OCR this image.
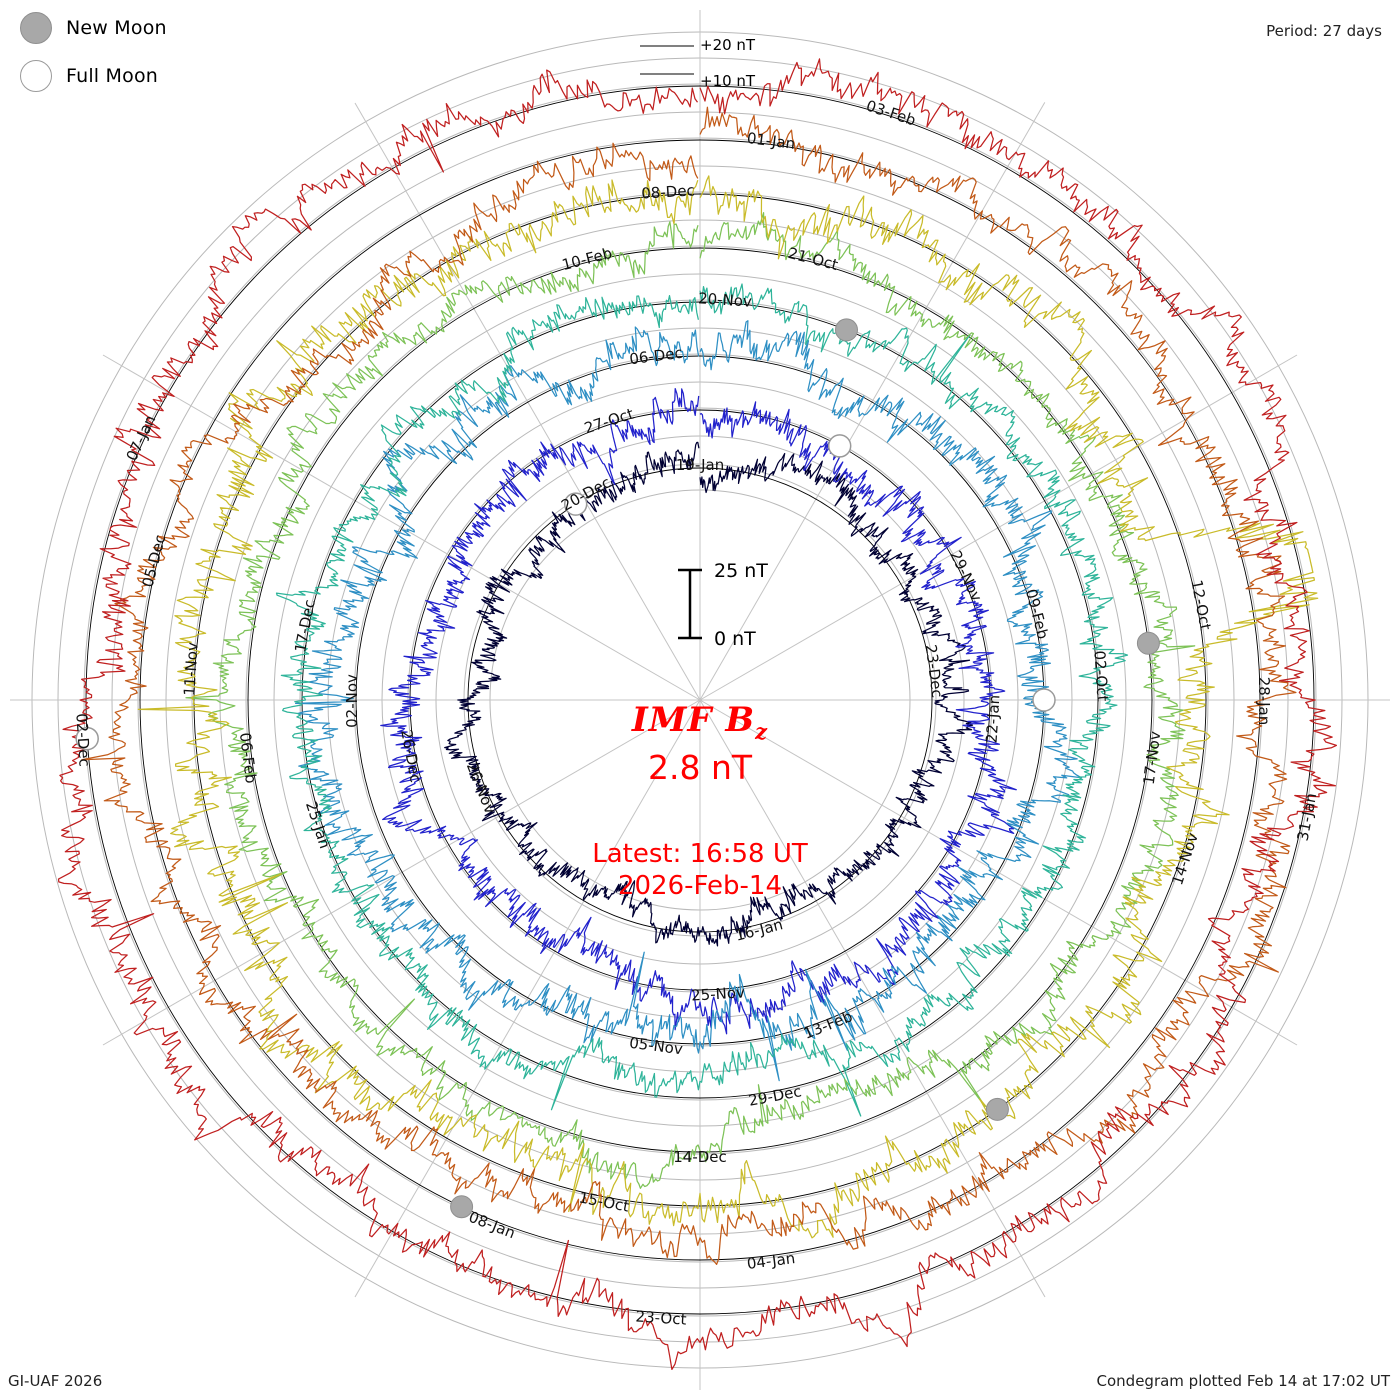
New Moon
Full Moon
Period: 27 days
+20 nT
+10 nT
19-Jan
23-Dec
16-Jan
26-Nov
20-Dec
22-Jan
25-Nov
26-Dec
27-Oct
29-Nov
05-Nov
02-Nov
06-Dec
09-Feb
13-Feb
17-Dec
20-Nov
02-Oct
29-Dec
25-Jan
21-Oct
17-Nov
14-Dec
06-Feb
10-Feb
14-Nov
15-Oct
11-Nov
08-Dec
12-Oct
08-Jan
05-Dec
01-Jan
28-Jan
04-Jan
07-Jan
03-Feb
31-Jan
23-Oct
02-Dec
25 nT
0 nT
IMF $B_z$
2.8 nT
Latest: 16:58 UT
2026-Feb-14
GI-UAF 2026	Condegram plotted Feb 14 at 17:02 UT
